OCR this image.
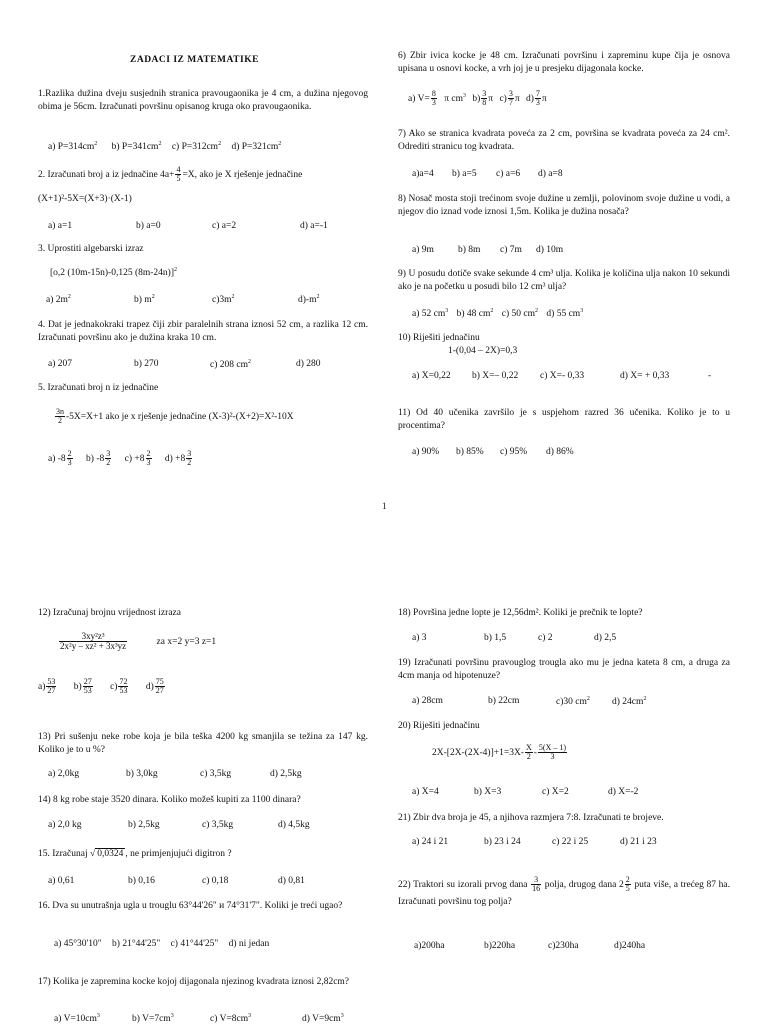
ZADACI IZ MATEMATIKE
1.Razlika dužina dveju susjednih stranica pravougaonika je 4 cm, a dužina njegovog obima je 56cm. Izračunati površinu opisanog kruga oko pravougaonika.
a) $P=314cm^2$ b) $P=341cm^2$ c) $P=312cm^2$ d) $P=321cm^2$
2. Izračunati broj a iz jednačine $4a+ \frac{4}{5} =X$, ako je X rješenje jednačine
(X+1)²-5X=(X+3)·(X-1)
a) a=1	b) a=0	c) a=2	d) a=-1
3. Uprostiti algebarski izraz
[o,2 (10m-15n)-0,125 (8m-24n)]$^2$
a) $2m^2$	b) $m^2$	$c)3m^2$	$d)-m^2$
4. Dat je jednakokraki trapez čiji zbir paralelnih strana iznosi 52 cm, a razlika 12 cm. Izračunati površinu ako je dužina kraka 10 cm.
a) 207	b) 270	c) 208 $cm^2$	d) 280
5. Izračunati broj n iz jednačine
$\frac{3n}{2} -5X=X+1$ ako je x rješenje jednačine (X-3)²-(X+2)=X²-10X
a) $-8 \frac{2}{3} b$) $-8 \frac{3}{2} c) +8 \frac{2}{3} d) +8 \frac{3}{2}$
6) Zbir ivica kocke je 48 cm. Izračunati površinu i zapreminu kupe čija je osnova upisana u osnovi kocke, a vrh joj je u presjeku dijagonala kocke.
a) $V= \frac{8}{3}$ π $cm^3$ $b) \frac{3}{8}$ π $c) \frac{3}{7}$ π $d) \frac{7}{3}$ π
7) Ako se stranica kvadrata poveća za 2 cm, površina se kvadrata poveća za 24 cm². Odrediti stranicu tog kvadrata.
a)a=4 b) a=5 c) a=6 d) a=8
8) Nosač mosta stoji trećinom svoje dužine u zemlji, polovinom svoje dužine u vodi, a njegov dio iznad vode iznosi 1,5m. Kolika je dužina nosača?
a) 9m	b) 8m c) 7m d) 10m
9) U posudu dotiče svake sekunde 4 cm³ ulja. Kolika je količina ulja nakon 10 sekundi ako je na početku u posudi bilo 12 cm³ ulja?
a) 52 $cm^3$ b) 48 $cm^2$ c) 50 $cm^2$ d) 55 $cm^3$
10) Riješiti jednačinu
1-(0,04 – 2X)=0,3
a) X=0,22 b) X=– 0,22 c) X=- 0,33	d) X= + 0,33	-
11) Od 40 učenika završilo je s uspjehom razred 36 učenika. Koliko je to u procentima?
a) 90% b) 85% c) 95% d) 86%
1
12) Izračunaj brojnu vrijednost izraza
$\frac{\text{3xy²z³}}{\text{2x²y – xz² + 3x³yz}}$	za x=2 y=3 z=1
$a) \frac{53}{27} b) \frac{27}{53} c) \frac{72}{53} d) \frac{75}{27}$
13) Pri sušenju neke robe koja je bila teška 4200 kg smanjila se težina za 147 kg. Koliko je to u %?
a) 2,0kg	b) 3,0kg	c) 3,5kg	d) 2,5kg
14) 8 kg robe staje 3520 dinara. Koliko možeš kupiti za 1100 dinara?
a) 2,0 kg	b) 2,5kg	c) 3,5kg	d) 4,5kg
15. Izračunaj √ 0,0324 , ne primjenjujući digitron ?
a) 0,61	b) 0,16	c) 0,18	d) 0,81
16. Dva su unutrašnja ugla u trouglu 63°44'26" и 74°31'7". Koliki je treći ugao?
a) 45°30'10" b) 21°44'25" c) 41°44'25" d) ni jedan
17) Kolika je zapremina kocke kojoj dijagonala njezinog kvadrata iznosi 2,82cm?
a) $V=10cm^3$	b) $V=7cm^3$	c) $V=8cm^3$	d) $V=9cm^3$
18) Površina jedne lopte je 12,56dm². Koliki je prečnik te lopte?
a) 3	b) 1,5	c) 2	d) 2,5
19) Izračunati površinu pravouglog trougla ako mu je jedna kateta 8 cm, a druga za 4cm manja od hipotenuze?
a) 28cm	b) 22cm	c)30 $cm^2$ d) $24cm^2$
20) Riješiti jednačinu
$2X-[2X-(2X-4)]+1=3X- \frac{X}{2} - \frac{5(X - 1)}{3}$
a) X=4	b) X=3	c) X=2	d) X=-2
21) Zbir dva broja je 45, a njihova razmjera 7:8. Izračunati te brojeve.
a) 24 i 21	b) 23 i 24	c) 22 i 25	d) 21 i 23
22) Traktori su izorali prvog dana $\frac{3}{16}$ polja, drugog dana $2 \frac{2}{5}$ puta više, a trećeg 87 ha. Izračunati površinu tog polja?
a)200ha	b)220ha	c)230ha	d)240ha
